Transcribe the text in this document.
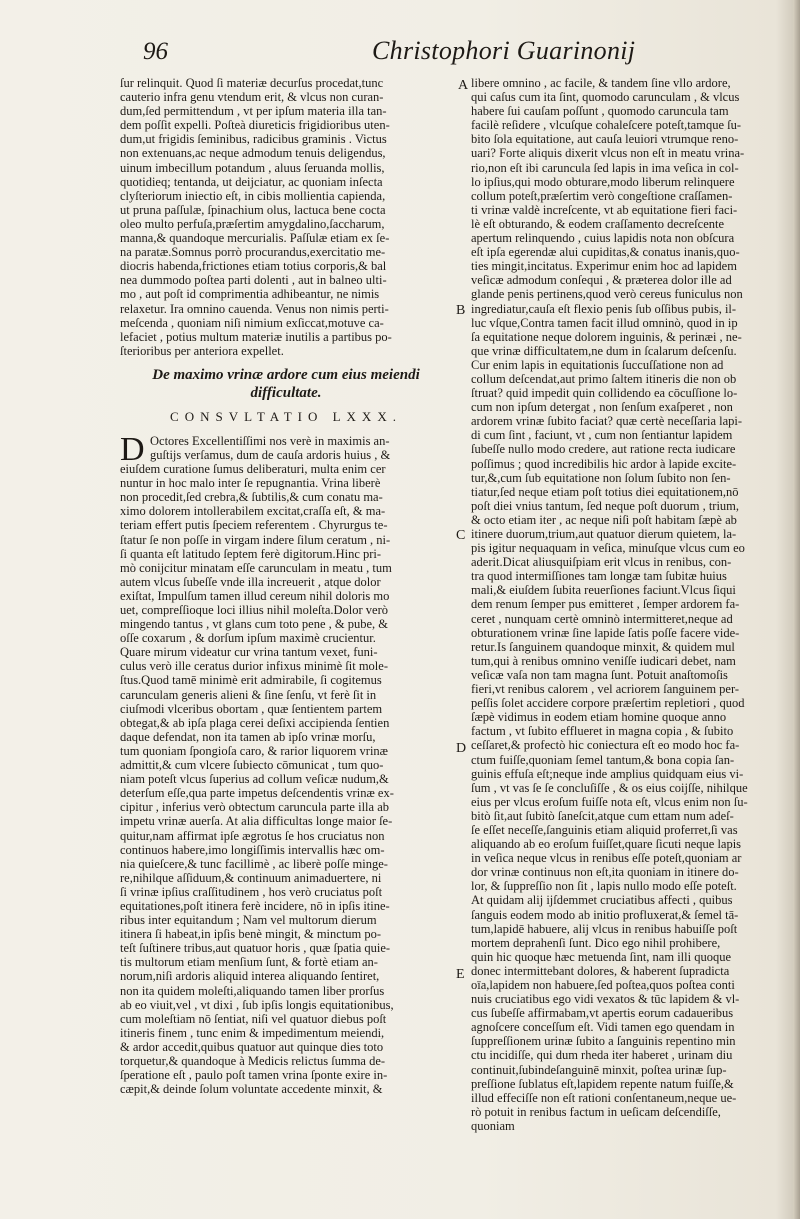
96	Christophori Guarinonij
ſur relinquit. Quod ſi materiæ decurſus procedat,tunc
cauterio infra genu vtendum erit, & vlcus non curan-
dum,ſed permittendum , vt per ipſum materia illa tan-
dem poſſit expelli. Poſteà diureticis frigidioribus uten-
dum,ut frigidis ſeminibus, radicibus graminis . Victus
non extenuans,ac neque admodum tenuis deligendus,
uinum imbecillum potandum , aluus ſeruanda mollis,
quotidieq; tentanda, ut deijciatur, ac quoniam inſecta
clyſteriorum iniectio eſt, in cibis mollientia capienda,
ut pruna paſſulæ, ſpinachium olus, lactuca bene cocta
oleo multo perfuſa,præſertim amygdalino,ſaccharum,
manna,& quandoque mercurialis. Paſſulæ etiam ex ſe-
na paratæ.Somnus porrò procurandus,exercitatio me-
diocris habenda,frictiones etiam totius corporis,& bal
nea dummodo poſtea parti dolenti , aut in balneo ulti-
mo , aut poſt id comprimentia adhibeantur, ne nimis
relaxetur. Ira omnino cauenda. Venus non nimis perti-
meſcenda , quoniam niſi nimium exſiccat,motuve ca-
lefaciet , potius multum materiæ inutilis a partibus po-
ſterioribus per anteriora expellet.
De maximo vrinæ ardore cum eius meiendi
difficultate.
CONSVLTATIO LXXX.
D Octores Excellentiſſimi nos verè in maximis an-
guſtijs verſamus, dum de cauſa ardoris huius , &
eiuſdem curatione ſumus deliberaturi, multa enim cer
nuntur in hoc malo inter ſe repugnantia. Vrina liberè
non procedit,ſed crebra,& ſubtilis,& cum conatu ma-
ximo dolorem intollerabilem excitat,craſſa eſt, & ma-
teriam effert putis ſpeciem referentem . Chyrurgus te-
ſtatur ſe non poſſe in virgam indere ſilum ceratum , ni-
ſi quanta eſt latitudo ſeptem ferè digitorum.Hinc pri-
mò conijcitur minatam eſſe carunculam in meatu , tum
autem vlcus ſubeſſe vnde illa increuerit , atque dolor
exiſtat, Impulſum tamen illud cereum nihil doloris mo
uet, compreſſioque loci illius nihil moleſta.Dolor verò
mingendo tantus , vt glans cum toto pene , & pube, &
oſſe coxarum , & dorſum ipſum maximè crucientur.
Quare mirum videatur cur vrina tantum vexet, funi-
culus verò ille ceratus durior infixus minimè ſit mole-
ſtus.Quod tamē minimè erit admirabile, ſi cogitemus
carunculam generis alieni & ſine ſenſu, vt ferè ſit in
ciuſmodi vlceribus obortam , quæ ſentientem partem
obtegat,& ab ipſa plaga cerei deſixi accipienda ſentien
daque defendat, non ita tamen ab ipſo vrinæ morſu,
tum quoniam ſpongioſa caro, & rarior liquorem vrinæ
admittit,& cum vlcere ſubiecto cōmunicat , tum quo-
niam poteſt vlcus ſuperius ad collum veſicæ nudum,&
deterſum eſſe,qua parte impetus deſcendentis vrinæ ex-
cipitur , inferius verò obtectum caruncula parte illa ab
impetu vrinæ auerſa. At alia difficultas longe maior ſe-
quitur,nam affirmat ipſe ægrotus ſe hos cruciatus non
continuos habere,imo longiſſimis intervallis hæc om-
nia quieſcere,& tunc facillimè , ac liberè poſſe minge-
re,nihilque aſſiduum,& continuum animaduertere, ni
ſi vrinæ ipſius craſſitudinem , hos verò cruciatus poſt
equitationes,poſt itinera ferè incidere, nō in ipſis itine-
ribus inter equitandum ; Nam vel multorum dierum
itinera ſi habeat,in ipſis benè mingit, & minctum po-
teſt ſuſtinere tribus,aut quatuor horis , quæ ſpatia quie-
tis multorum etiam menſium ſunt, & fortè etiam an-
norum,niſi ardoris aliquid interea aliquando ſentiret,
non ita quidem moleſti,aliquando tamen liber prorſus
ab eo viuit,vel , vt dixi , ſub ipſis longis equitationibus,
cum moleſtiam nō ſentiat, niſi vel quatuor diebus poſt
itineris finem , tunc enim & impedimentum meiendi,
& ardor accedit,quibus quatuor aut quinque dies toto
torquetur,& quandoque à Medicis relictus ſumma de-
ſperatione eſt , paulo poſt tamen vrina ſponte exire in-
cæpit,& deinde ſolum voluntate accedente minxit, &
libere omnino , ac facile, & tandem ſine vllo ardore,
qui caſus cum ita ſint, quomodo carunculam , & vlcus
habere ſui cauſam poſſunt , quomodo caruncula tam
facilè reſidere , vlcuſque cohaleſcere poteſt,tamque ſu-
bito ſola equitatione, aut cauſa leuiori vtrumque reno-
uari? Forte aliquis dixerit vlcus non eſt in meatu vrina-
rio,non eſt ibi caruncula ſed lapis in ima veſica in col-
lo ipſius,qui modo obturare,modo liberum relinquere
collum poteſt,præſertim verò congeſtione craſſamen-
ti vrinæ valdè increſcente, vt ab equitatione fieri faci-
lè eſt obturando, & eodem craſſamento decreſcente
apertum relinquendo , cuius lapidis nota non obſcura
eſt ipſa egerendæ alui cupiditas,& conatus inanis,quo-
ties mingit,incitatus. Experimur enim hoc ad lapidem
veſicæ admodum conſequi , & præterea dolor ille ad
glande penis pertinens,quod verò cereus funiculus non
ingrediatur,cauſa eſt flexio penis ſub oſſibus pubis, il-
luc vſque,Contra tamen facit illud omninò, quod in ip
ſa equitatione neque dolorem inguinis, & perinæi , ne-
que vrinæ difficultatem,ne dum in ſcalarum deſcenſu.
Cur enim lapis in equitationis ſuccuſſatione non ad
collum deſcendat,aut primo ſaltem itineris die non ob
ſtruat? quid impedit quin collidendo ea cōcuſſione lo-
cum non ipſum detergat , non ſenſum exaſperet , non
ardorem vrinæ ſubito faciat? quæ certè neceſſaria lapi-
di cum ſint , faciunt, vt , cum non ſentiantur lapidem
ſubeſſe nullo modo credere, aut ratione recta iudicare
poſſimus ; quod incredibilis hic ardor à lapide excite-
tur,&,cum ſub equitatione non ſolum ſubito non ſen-
tiatur,ſed neque etiam poſt totius diei equitationem,nō
poſt diei vnius tantum, ſed neque poſt duorum , trium,
& octo etiam iter , ac neque niſi poſt habitam ſæpè ab
itinere duorum,trium,aut quatuor dierum quietem, la-
pis igitur nequaquam in veſica, minuſque vlcus cum eo
aderit.Dicat aliusquiſpiam erit vlcus in renibus, con-
tra quod intermiſſiones tam longæ tam ſubitæ huius
mali,& eiuſdem ſubita reuerſiones faciunt.Vlcus ſiqui
dem renum ſemper pus emitteret , ſemper ardorem fa-
ceret , nunquam certè omninò intermitteret,neque ad
obturationem vrinæ ſine lapide ſatis poſſe facere vide-
retur.Is ſanguinem quandoque minxit, & quidem mul
tum,qui à renibus omnino veniſſe iudicari debet, nam
veſicæ vaſa non tam magna ſunt. Potuit anaſtomoſis
fieri,vt renibus calorem , vel acriorem ſanguinem per-
peſſis ſolet accidere corpore præſertim repletiori , quod
ſæpè vidimus in eodem etiam homine quoque anno
factum , vt ſubito efflueret in magna copia , & ſubito
ceſſaret,& profectò hic coniectura eſt eo modo hoc fa-
ctum fuiſſe,quoniam ſemel tantum,& bona copia ſan-
guinis effuſa eſt;neque inde amplius quidquam eius vi-
ſum , vt vas ſe ſe concluſiſſe , & os eius coijſſe, nihilque
eius per vlcus eroſum fuiſſe nota eſt, vlcus enim non ſu-
bitò ſit,aut ſubitò ſaneſcit,atque cum ettam num adeſ-
ſe eſſet neceſſe,ſanguinis etiam aliquid proferret,ſi vas
aliquando ab eo eroſum fuiſſet,quare ſicuti neque lapis
in veſica neque vlcus in renibus eſſe poteſt,quoniam ar
dor vrinæ continuus non eſt,ita quoniam in itinere do-
lor, & ſuppreſſio non ſit , lapis nullo modo eſſe poteſt.
At quidam alij ijſdemmet cruciatibus affecti , quibus
ſanguis eodem modo ab initio profluxerat,& ſemel tā-
tum,lapidē habuere, alij vlcus in renibus habuiſſe poſt
mortem deprahenſi ſunt. Dico ego nihil prohibere,
quin hic quoque hæc metuenda ſint, nam illi quoque
donec intermittebant dolores, & haberent ſupradicta
oīa,lapidem non habuere,ſed poſtea,quos poſtea conti
nuis cruciatibus ego vidi vexatos & tūc lapidem & vl-
cus ſubeſſe affirmabam,vt apertis eorum cadaueribus
agnoſcere conceſſum eſt. Vidi tamen ego quendam in
ſuppreſſionem urinæ ſubito a ſanguinis repentino min
ctu incidiſſe, qui dum rheda iter haberet , urinam diu
continuit,ſubindeſanguinē minxit, poſtea urinæ ſup-
preſſione ſublatus eſt,lapidem repente natum fuiſſe,&
illud effeciſſe non eſt rationi conſentaneum,neque ue-
rò potuit in renibus factum in ueſicam deſcendiſſe,
quoniam
A
B
C
D
E
